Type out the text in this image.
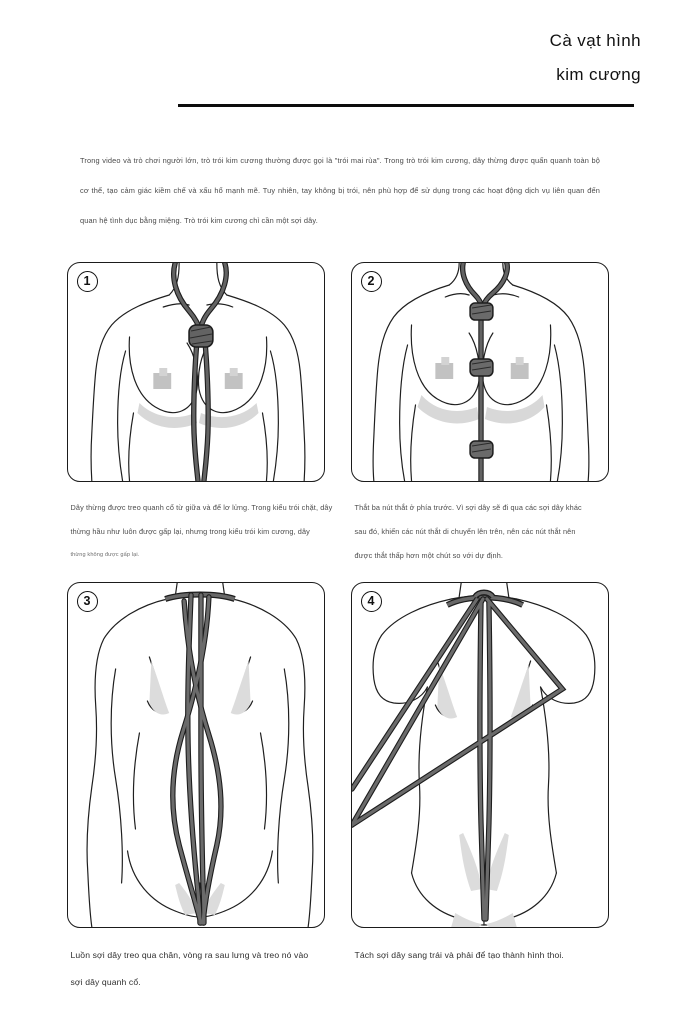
Cà vạt hình
kim cương

Trong video và trò chơi người lớn, trò trói kim cương thường được gọi là "trói mai rùa". Trong trò trói kim cương, dây thừng được quấn quanh toàn bộ cơ thể, tạo cảm giác kiềm chế và xấu hổ mạnh mẽ. Tuy nhiên, tay không bị trói, nên phù hợp để sử dụng trong các hoạt động dịch vụ liên quan đến quan hệ tình dục bằng miệng. Trò trói kim cương chỉ cần một sợi dây.

1
Dây thừng được treo quanh cổ từ giữa và để lơ lửng. Trong kiểu trói chặt, dây
thừng hầu như luôn được gấp lại, nhưng trong kiểu trói kim cương, dây
thừng không được gấp lại.
2
Thắt ba nút thắt ở phía trước. Vì sợi dây sẽ đi qua các sợi dây khác
sau đó, khiến các nút thắt di chuyển lên trên, nên các nút thắt nên
được thắt thấp hơn một chút so với dự định.
3
Luồn sợi dây treo qua chân, vòng ra sau lưng và treo nó vào
sợi dây quanh cổ.
4
Tách sợi dây sang trái và phải để tạo thành hình thoi.
